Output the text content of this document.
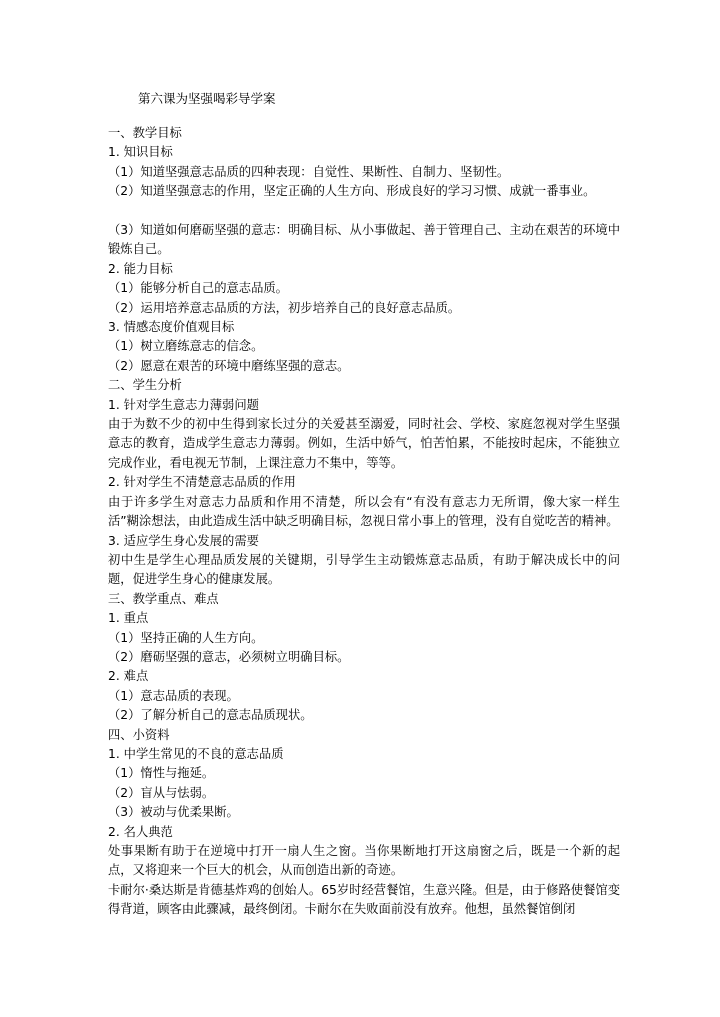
第六课为坚强喝彩导学案

一、教学目标

1. 知识目标

（1）知道坚强意志品质的四种表现：自觉性、果断性、自制力、坚韧性。

（2）知道坚强意志的作用，坚定正确的人生方向、形成良好的学习习惯、成就一番事业。

（3）知道如何磨砺坚强的意志：明确目标、从小事做起、善于管理自己、主动在艰苦的环境中锻炼自己。

2. 能力目标

（1）能够分析自己的意志品质。

（2）运用培养意志品质的方法，初步培养自己的良好意志品质。

3. 情感态度价值观目标

（1）树立磨练意志的信念。

（2）愿意在艰苦的环境中磨练坚强的意志。

二、学生分析

1. 针对学生意志力薄弱问题

由于为数不少的初中生得到家长过分的关爱甚至溺爱，同时社会、学校、家庭忽视对学生坚强意志的教育，造成学生意志力薄弱。例如，生活中娇气，怕苦怕累，不能按时起床，不能独立完成作业，看电视无节制，上课注意力不集中，等等。

2. 针对学生不清楚意志品质的作用

由于许多学生对意志力品质和作用不清楚，所以会有“有没有意志力无所谓，像大家一样生活”糊涂想法，由此造成生活中缺乏明确目标，忽视日常小事上的管理，没有自觉吃苦的精神。

3. 适应学生身心发展的需要

初中生是学生心理品质发展的关键期，引导学生主动锻炼意志品质，有助于解决成长中的问题，促进学生身心的健康发展。

三、教学重点、难点

1. 重点

（1）坚持正确的人生方向。

（2）磨砺坚强的意志，必须树立明确目标。

2. 难点

（1）意志品质的表现。

（2）了解分析自己的意志品质现状。

四、小资料

1. 中学生常见的不良的意志品质

（1）惰性与拖延。

（2）盲从与怯弱。

（3）被动与优柔果断。

2. 名人典范

处事果断有助于在逆境中打开一扇人生之窗。当你果断地打开这扇窗之后，既是一个新的起点，又将迎来一个巨大的机会，从而创造出新的奇迹。

卡耐尔·桑达斯是肯德基炸鸡的创始人。65岁时经营餐馆，生意兴隆。但是，由于修路使餐馆变得背道，顾客由此骤减，最终倒闭。卡耐尔在失败面前没有放弃。他想，虽然餐馆倒闭
